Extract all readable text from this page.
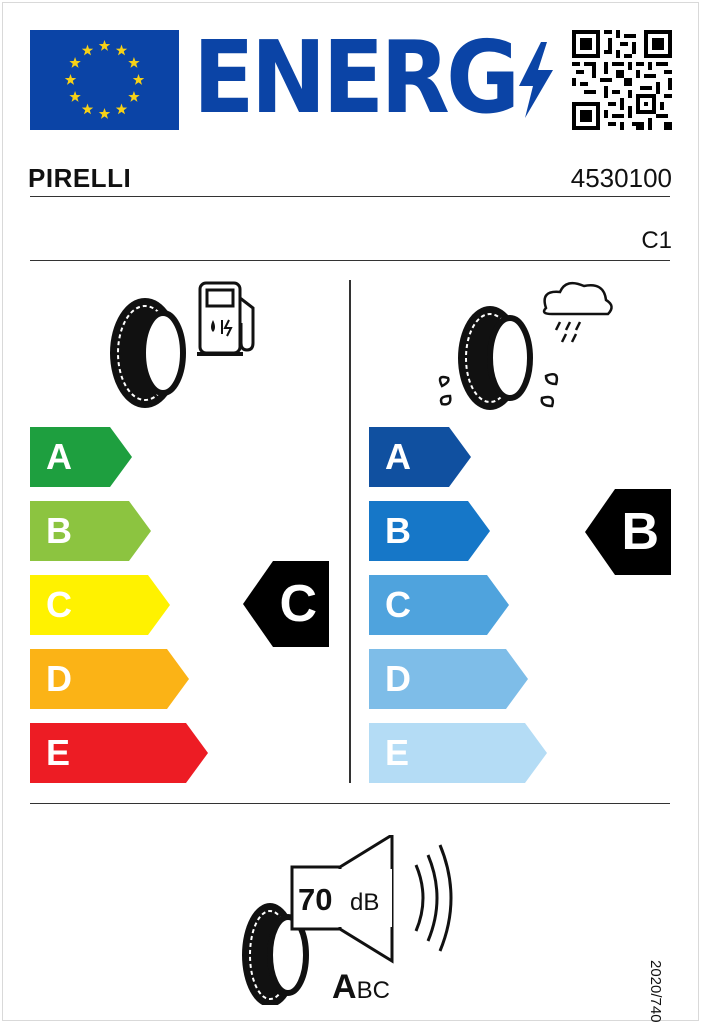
ENERG
PIRELLI	4530100
C1
A
B
C
D
E
C
A
B
C
D
E
B
70 dB
ABC	2020/740
